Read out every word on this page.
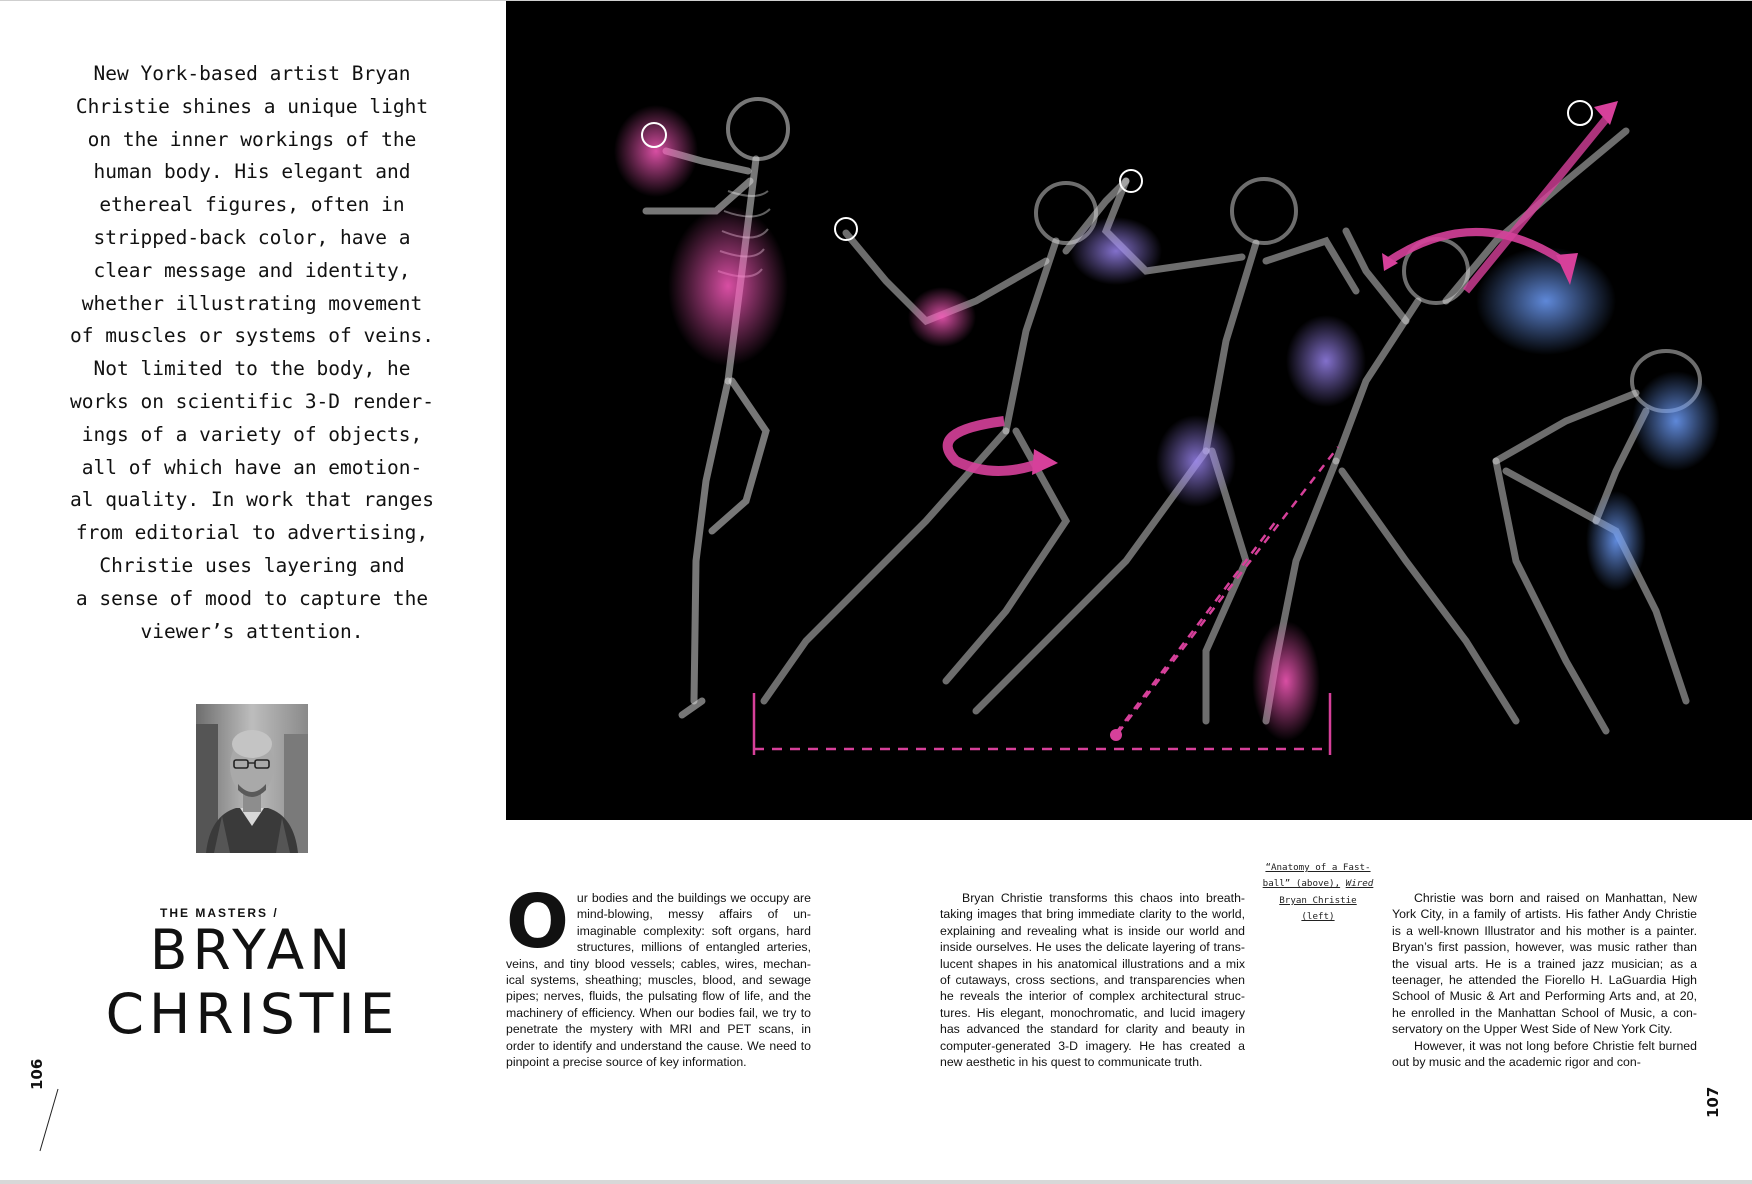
New York-based artist Bryan
Christie shines a unique light
on the inner workings of the
human body. His elegant and
ethereal figures, often in
stripped-back color, have a
clear message and identity,
whether illustrating movement
of muscles or systems of veins.
Not limited to the body, he
works on scientific 3-D render-
ings of a variety of objects,
all of which have an emotion-
al quality. In work that ranges
from editorial to advertising,
Christie uses layering and
a sense of mood to capture the
viewer’s attention.

THE MASTERS /
BRYAN
CHRISTIE
106
“Anatomy of a Fast-
ball” (above), Wired
Bryan Christie
(left)
O ur bodies and the buildings we occupy are mind-blowing, messy affairs of un-imaginable complexity: soft organs, hard structures, millions of entangled arteries, veins, and tiny blood vessels; cables, wires, mechan-ical systems, sheathing; muscles, blood, and sewage pipes; nerves, fluids, the pulsating flow of life, and the machinery of efficiency. When our bodies fail, we try to penetrate the mystery with MRI and PET scans, in order to identify and understand the cause. We need to pinpoint a precise source of key information.

Bryan Christie transforms this chaos into breath-taking images that bring immediate clarity to the world, explaining and revealing what is inside our world and inside ourselves. He uses the delicate layering of trans-lucent shapes in his anatomical illustrations and a mix of cutaways, cross sections, and transparencies when he reveals the interior of complex architectural struc-tures. His elegant, monochromatic, and lucid imagery has advanced the standard for clarity and beauty in computer-generated 3-D imagery. He has created a new aesthetic in his quest to communicate truth.

Christie was born and raised on Manhattan, New York City, in a family of artists. His father Andy Christie is a well-known Illustrator and his mother is a painter. Bryan’s first passion, however, was music rather than the visual arts. He is a trained jazz musician; as a teenager, he attended the Fiorello H. LaGuardia High School of Music & Art and Performing Arts and, at 20, he enrolled in the Manhattan School of Music, a con-servatory on the Upper West Side of New York City.

However, it was not long before Christie felt burned out by music and the academic rigor and con-

107
